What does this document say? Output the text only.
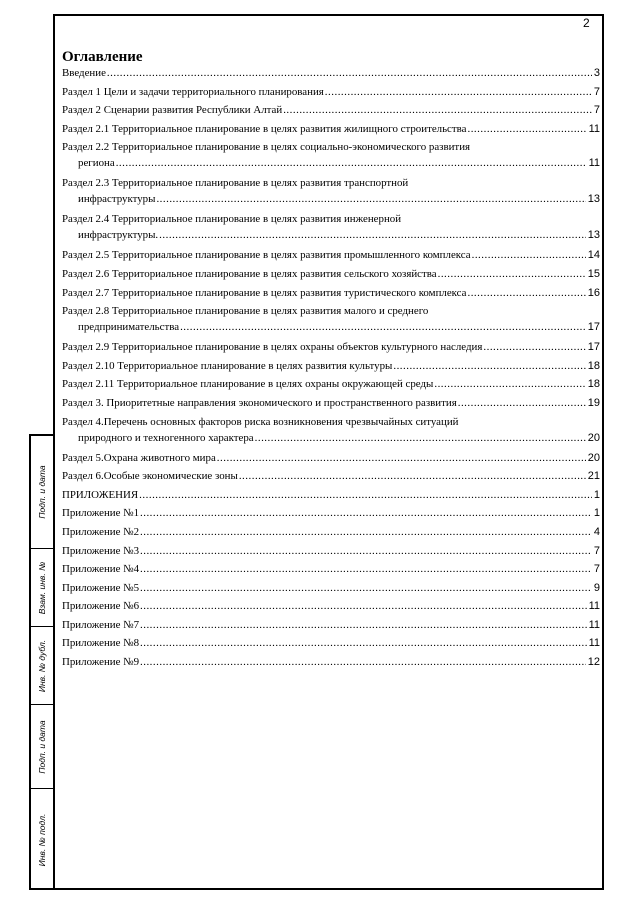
Подп. и дата
Взам. инв. №
Инв. № дубл.
Подп. и дата
Инв. № подл.
2
Оглавление
Введение .....	3
Раздел 1 Цели и задачи территориального планирования .....	7
Раздел 2 Сценарии развития Республики Алтай .....	7
Раздел 2.1 Территориальное планирование в целях развития жилищного строительства .....	11
Раздел 2.2 Территориальное планирование в целях социально-экономического развития
региона .....	11
Раздел 2.3 Территориальное планирование в целях развития транспортной
инфраструктуры .....	13
Раздел 2.4 Территориальное планирование в целях развития инженерной
инфраструктуры. .....	13
Раздел 2.5 Территориальное планирование в целях развития промышленного комплекса .....	14
Раздел 2.6 Территориальное планирование в целях развития сельского хозяйства .....	15
Раздел 2.7 Территориальное планирование в целях развития туристического комплекса .....	16
Раздел 2.8 Территориальное планирование в целях развития малого и среднего
предпринимательства .....	17
Раздел 2.9 Территориальное планирование в целях охраны объектов культурного наследия .....	17
Раздел 2.10 Территориальное планирование в целях развития культуры .....	18
Раздел 2.11 Территориальное планирование в целях охраны окружающей среды .....	18
Раздел 3. Приоритетные направления экономического и пространственного развития .....	19
Раздел 4.Перечень основных факторов риска возникновения чрезвычайных ситуаций
природного и техногенного характера .....	20
Раздел 5.Охрана животного мира .....	20
Раздел 6.Особые экономические зоны .....	21
ПРИЛОЖЕНИЯ .....	1
Приложение №1 .....	1
Приложение №2 .....	4
Приложение №3 .....	7
Приложение №4 .....	7
Приложение №5 .....	9
Приложение №6 .....	11
Приложение №7 .....	11
Приложение №8 .....	11
Приложение №9 .....	12
